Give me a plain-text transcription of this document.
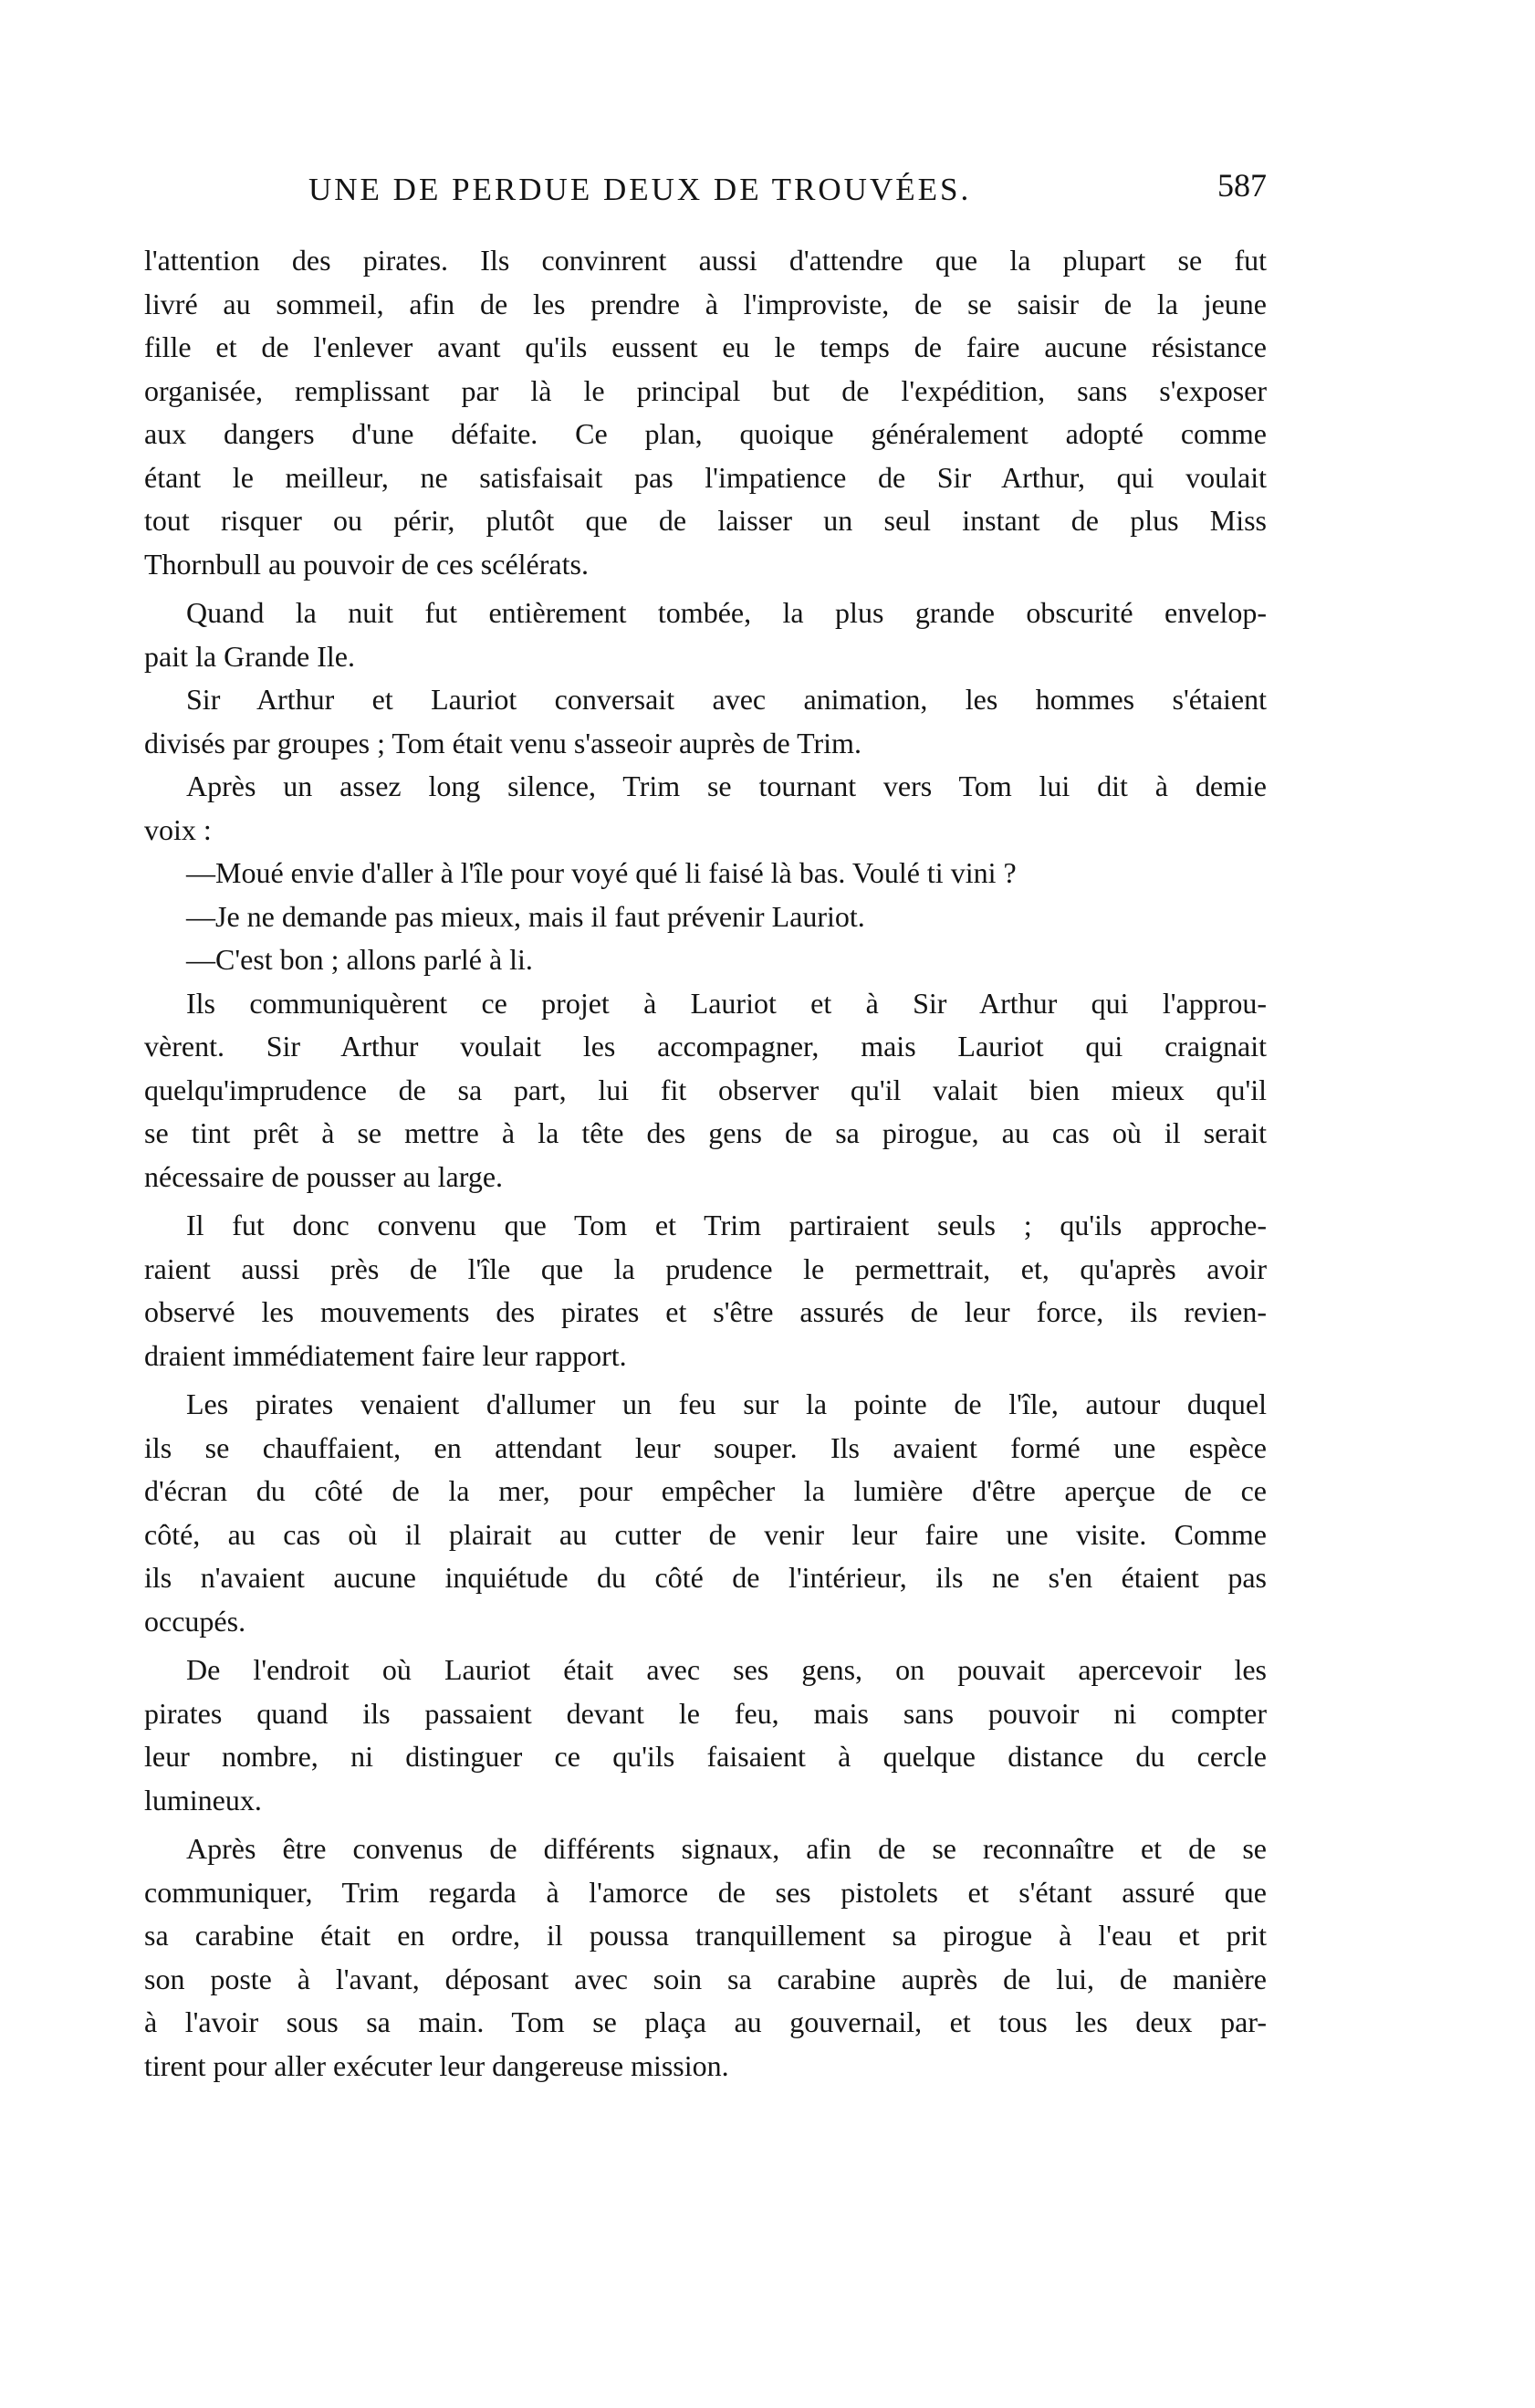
UNE DE PERDUE DEUX DE TROUVÉES.	587
l'attention des pirates. Ils convinrent aussi d'attendre que la plupart se fut
livré au sommeil, afin de les prendre à l'improviste, de se saisir de la jeune
fille et de l'enlever avant qu'ils eussent eu le temps de faire aucune résistance
organisée, remplissant par là le principal but de l'expédition, sans s'exposer
aux dangers d'une défaite. Ce plan, quoique généralement adopté comme
étant le meilleur, ne satisfaisait pas l'impatience de Sir Arthur, qui voulait
tout risquer ou périr, plutôt que de laisser un seul instant de plus Miss
Thornbull au pouvoir de ces scélérats.
Quand la nuit fut entièrement tombée, la plus grande obscurité envelop-
pait la Grande Ile.
Sir Arthur et Lauriot conversait avec animation, les hommes s'étaient
divisés par groupes ; Tom était venu s'asseoir auprès de Trim.
Après un assez long silence, Trim se tournant vers Tom lui dit à demie
voix :
—Moué envie d'aller à l'île pour voyé qué li faisé là bas. Voulé ti vini ?
—Je ne demande pas mieux, mais il faut prévenir Lauriot.
—C'est bon ; allons parlé à li.
Ils communiquèrent ce projet à Lauriot et à Sir Arthur qui l'approu-
vèrent. Sir Arthur voulait les accompagner, mais Lauriot qui craignait
quelqu'imprudence de sa part, lui fit observer qu'il valait bien mieux qu'il
se tint prêt à se mettre à la tête des gens de sa pirogue, au cas où il serait
nécessaire de pousser au large.
Il fut donc convenu que Tom et Trim partiraient seuls ; qu'ils approche-
raient aussi près de l'île que la prudence le permettrait, et, qu'après avoir
observé les mouvements des pirates et s'être assurés de leur force, ils revien-
draient immédiatement faire leur rapport.
Les pirates venaient d'allumer un feu sur la pointe de l'île, autour duquel
ils se chauffaient, en attendant leur souper. Ils avaient formé une espèce
d'écran du côté de la mer, pour empêcher la lumière d'être aperçue de ce
côté, au cas où il plairait au cutter de venir leur faire une visite. Comme
ils n'avaient aucune inquiétude du côté de l'intérieur, ils ne s'en étaient pas
occupés.
De l'endroit où Lauriot était avec ses gens, on pouvait apercevoir les
pirates quand ils passaient devant le feu, mais sans pouvoir ni compter
leur nombre, ni distinguer ce qu'ils faisaient à quelque distance du cercle
lumineux.
Après être convenus de différents signaux, afin de se reconnaître et de se
communiquer, Trim regarda à l'amorce de ses pistolets et s'étant assuré que
sa carabine était en ordre, il poussa tranquillement sa pirogue à l'eau et prit
son poste à l'avant, déposant avec soin sa carabine auprès de lui, de manière
à l'avoir sous sa main. Tom se plaça au gouvernail, et tous les deux par-
tirent pour aller exécuter leur dangereuse mission.
